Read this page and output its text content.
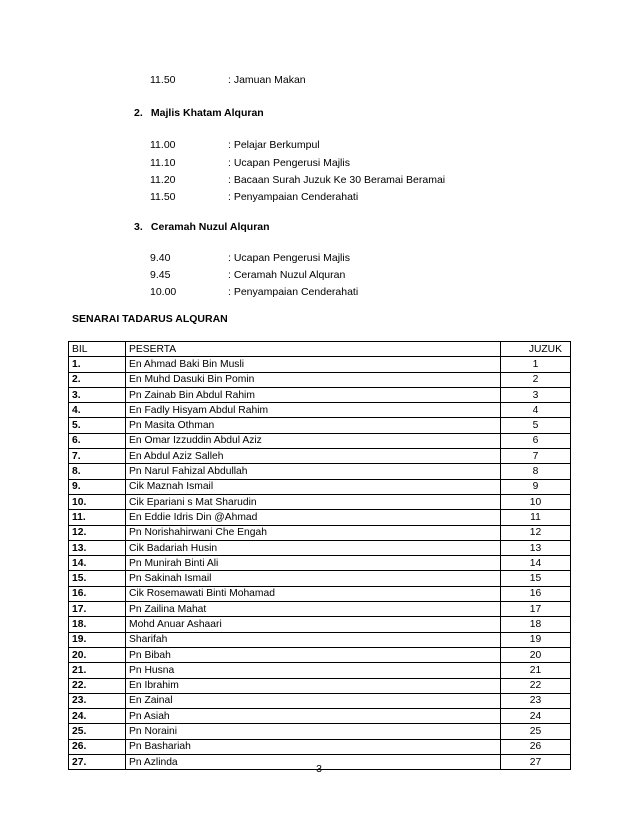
11.50	: Jamuan Makan
2. Majlis Khatam Alquran
11.00	: Pelajar Berkumpul
11.10	: Ucapan Pengerusi Majlis
11.20	: Bacaan Surah Juzuk Ke 30 Beramai Beramai
11.50	: Penyampaian Cenderahati
3. Ceramah Nuzul Alquran
9.40	: Ucapan Pengerusi Majlis
9.45	: Ceramah Nuzul Alquran
10.00	: Penyampaian Cenderahati
SENARAI TADARUS ALQURAN
BIL	PESERTA	JUZUK
1.	En Ahmad Baki Bin Musli	1
2.	En Muhd Dasuki Bin Pomin	2
3.	Pn Zainab Bin Abdul Rahim	3
4.	En Fadly Hisyam Abdul Rahim	4
5.	Pn Masita Othman	5
6.	En Omar Izzuddin Abdul Aziz	6
7.	En Abdul Aziz Salleh	7
8.	Pn Narul Fahizal Abdullah	8
9.	Cik Maznah Ismail	9
10.	Cik Epariani s Mat Sharudin	10
11.	En Eddie Idris Din @Ahmad	11
12.	Pn Norishahirwani Che Engah	12
13.	Cik Badariah Husin	13
14.	Pn Munirah Binti Ali	14
15.	Pn Sakinah Ismail	15
16.	Cik Rosemawati Binti Mohamad	16
17.	Pn Zailina Mahat	17
18.	Mohd Anuar Ashaari	18
19.	Sharifah	19
20.	Pn Bibah	20
21.	Pn Husna	21
22.	En Ibrahim	22
23.	En Zainal	23
24.	Pn Asiah	24
25.	Pn Noraini	25
26.	Pn Bashariah	26
27.	Pn Azlinda	27
3
